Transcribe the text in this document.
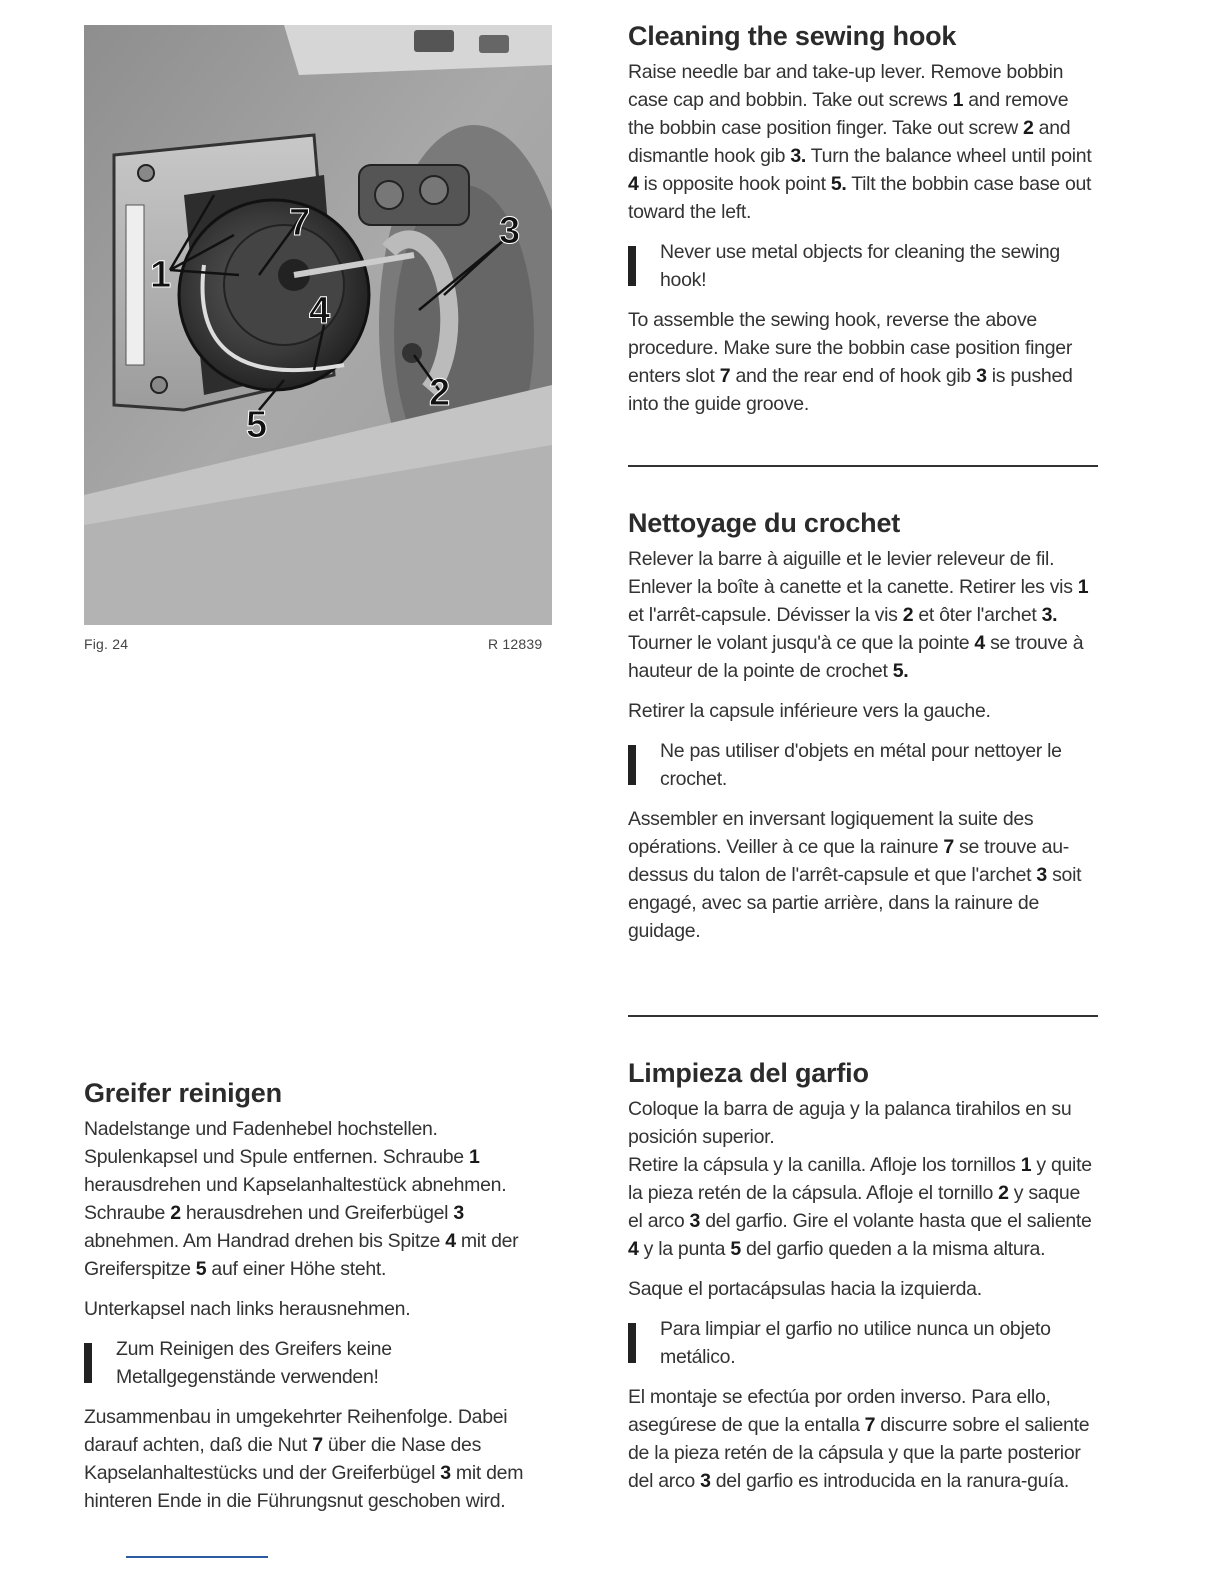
1
2
3
4
5
7
Fig. 24	R 12839
Cleaning the sewing hook

Raise needle bar and take-up lever. Remove bobbin case cap and bobbin. Take out screws 1 and remove the bobbin case position finger. Take out screw 2 and dismantle hook gib 3. Turn the balance wheel until point 4 is opposite hook point 5. Tilt the bobbin case base out toward the left.

Never use metal objects for cleaning the sewing hook!

To assemble the sewing hook, reverse the above procedure. Make sure the bobbin case position finger enters slot 7 and the rear end of hook gib 3 is pushed into the guide groove.

Nettoyage du crochet

Relever la barre à aiguille et le levier releveur de fil. Enlever la boîte à canette et la canette. Retirer les vis 1 et l'arrêt-capsule. Dévisser la vis 2 et ôter l'archet 3. Tourner le volant jusqu'à ce que la pointe 4 se trouve à hauteur de la pointe de crochet 5.

Retirer la capsule inférieure vers la gauche.

Ne pas utiliser d'objets en métal pour nettoyer le crochet.

Assembler en inversant logiquement la suite des opérations. Veiller à ce que la rainure 7 se trouve au-dessus du talon de l'arrêt-capsule et que l'archet 3 soit engagé, avec sa partie arrière, dans la rainure de guidage.

Greifer reinigen

Nadelstange und Fadenhebel hochstellen. Spulenkapsel und Spule entfernen. Schraube 1 herausdrehen und Kapselanhaltestück abnehmen. Schraube 2 herausdrehen und Greiferbügel 3 abnehmen. Am Handrad drehen bis Spitze 4 mit der Greiferspitze 5 auf einer Höhe steht.

Unterkapsel nach links herausnehmen.

Zum Reinigen des Greifers keine Metallgegenstände verwenden!

Zusammenbau in umgekehrter Reihenfolge. Dabei darauf achten, daß die Nut 7 über die Nase des Kapselanhaltestücks und der Greiferbügel 3 mit dem hinteren Ende in die Führungsnut geschoben wird.

Limpieza del garfio

Coloque la barra de aguja y la palanca tirahilos en su posición superior.

Retire la cápsula y la canilla. Afloje los tornillos 1 y quite la pieza retén de la cápsula. Afloje el tornillo 2 y saque el arco 3 del garfio. Gire el volante hasta que el saliente 4 y la punta 5 del garfio queden a la misma altura.

Saque el portacápsulas hacia la izquierda.

Para limpiar el garfio no utilice nunca un objeto metálico.

El montaje se efectúa por orden inverso. Para ello, asegúrese de que la entalla 7 discurre sobre el saliente de la pieza retén de la cápsula y que la parte posterior del arco 3 del garfio es introducida en la ranura-guía.
